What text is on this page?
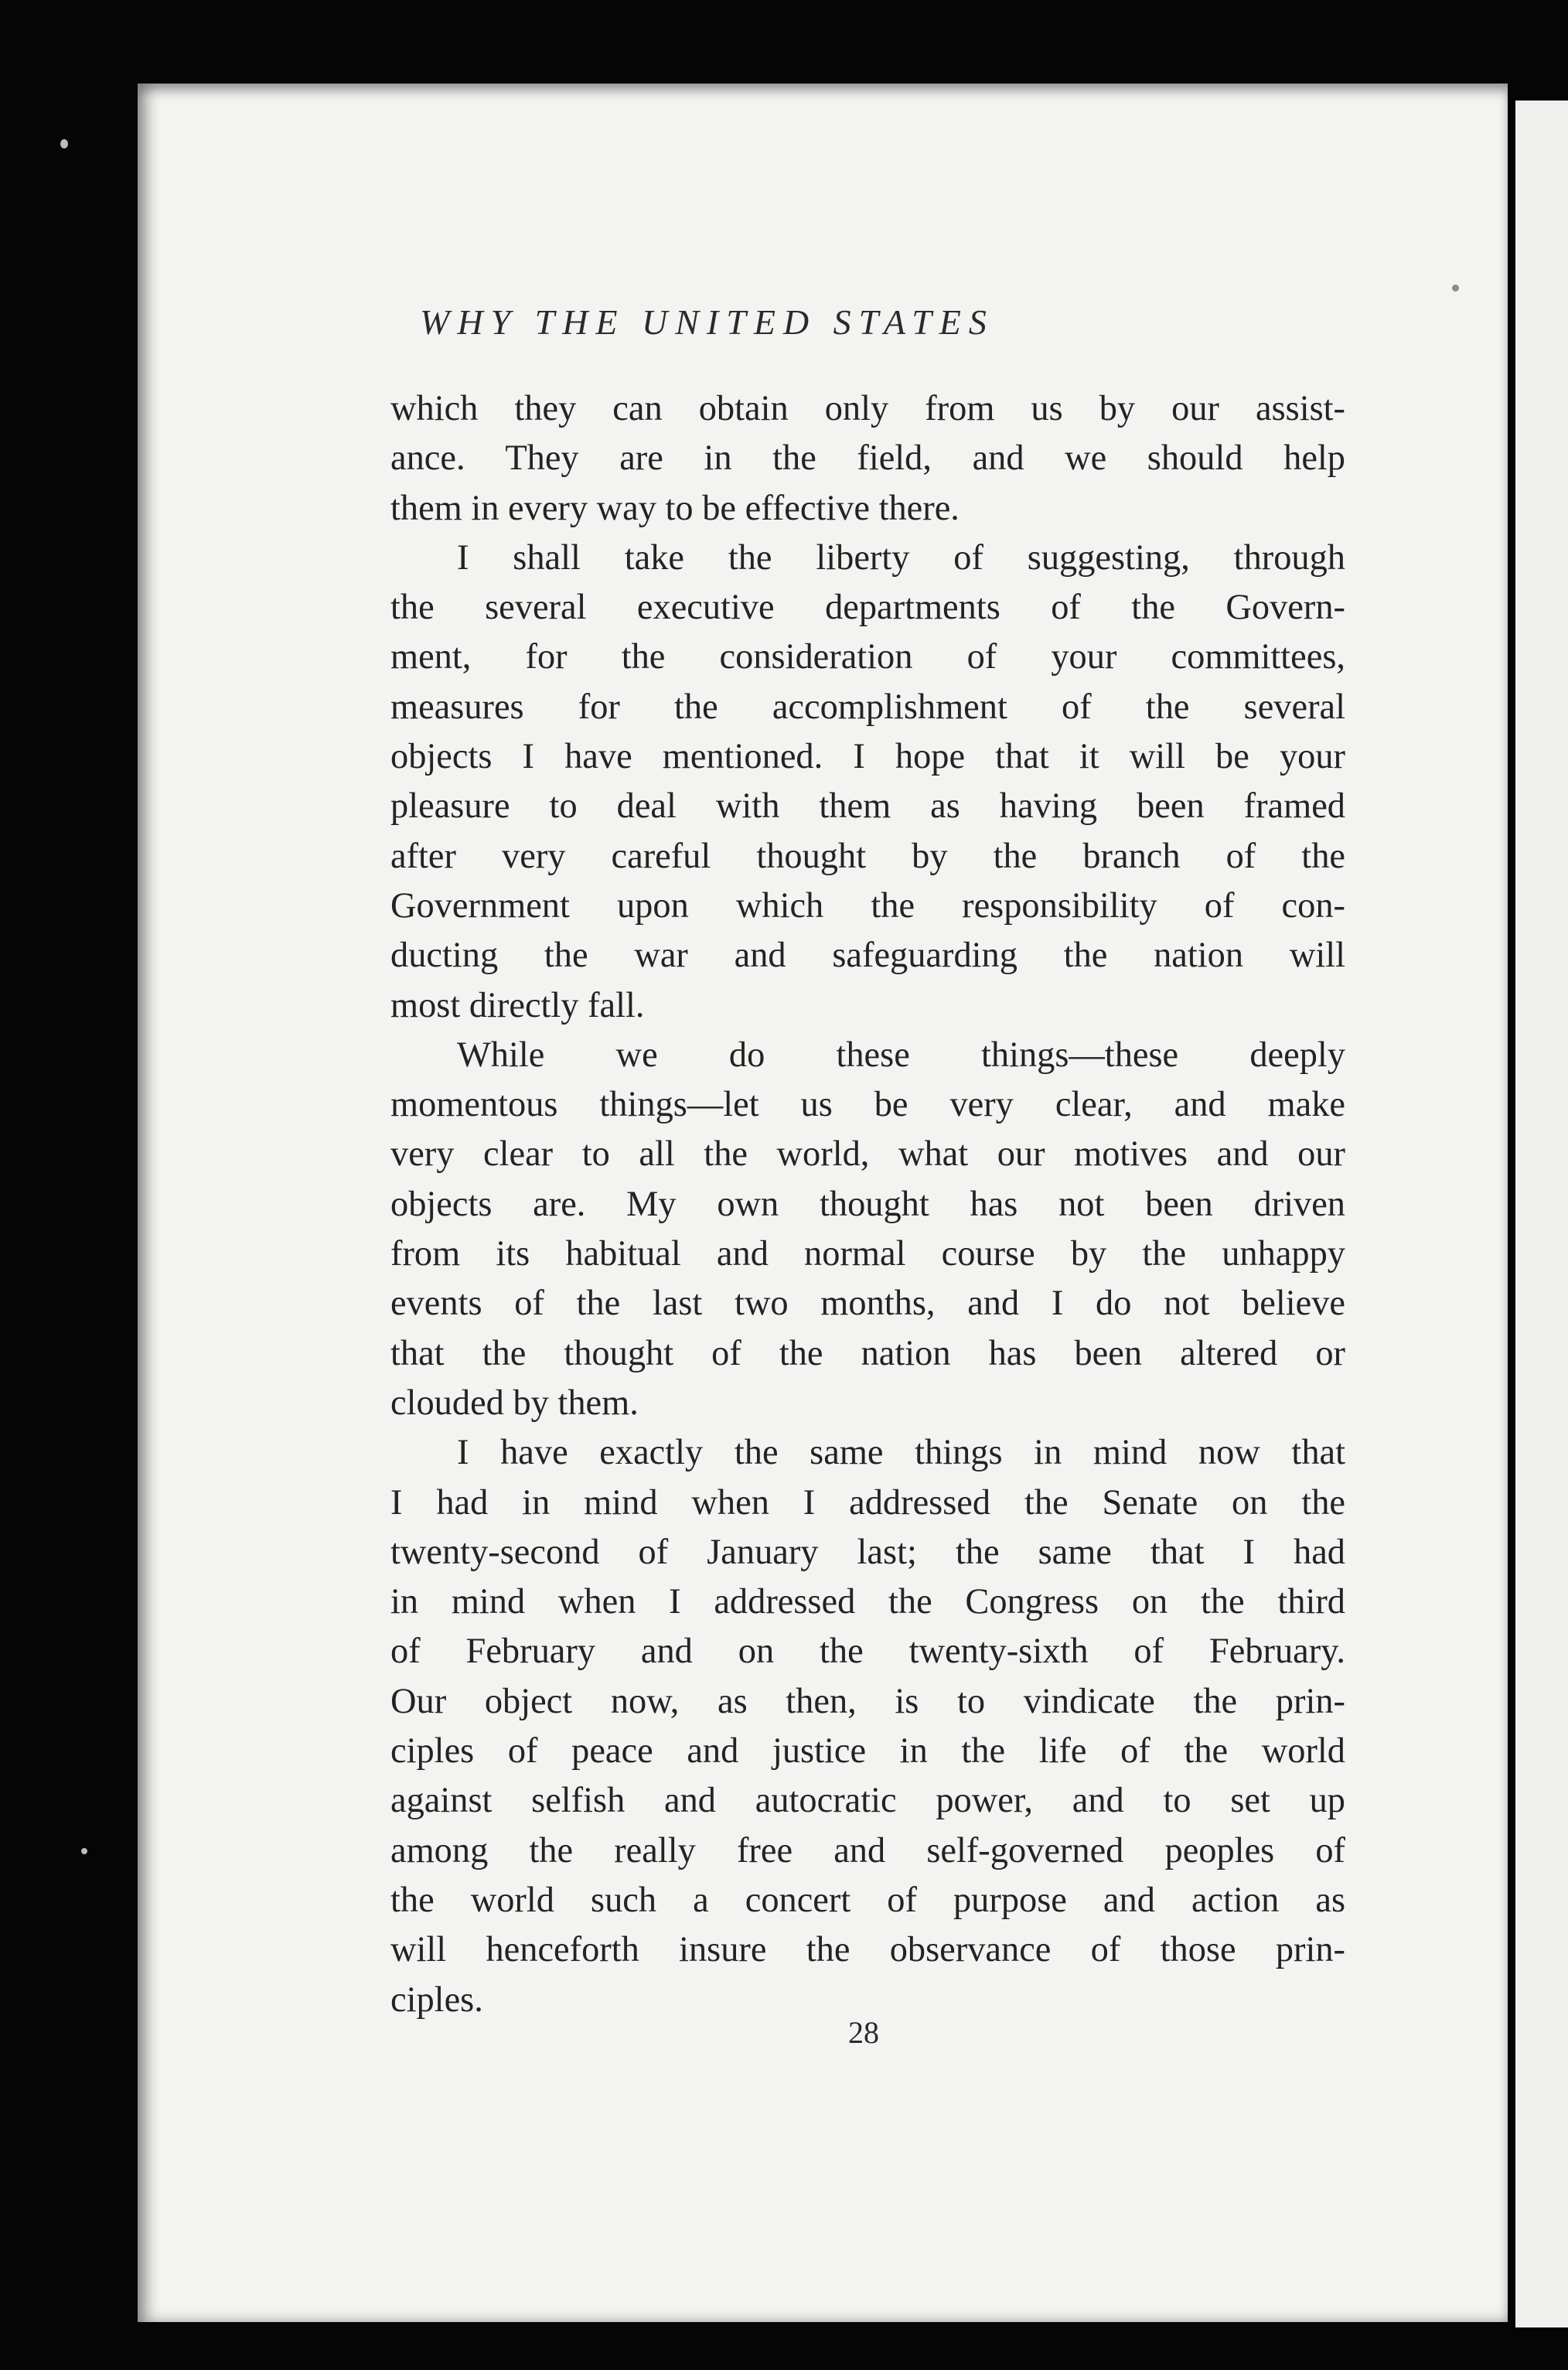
WHY THE UNITED STATES
which they can obtain only from us by our assist-
ance. They are in the field, and we should help
them in every way to be effective there.
I shall take the liberty of suggesting, through
the several executive departments of the Govern-
ment, for the consideration of your committees,
measures for the accomplishment of the several
objects I have mentioned. I hope that it will be your
pleasure to deal with them as having been framed
after very careful thought by the branch of the
Government upon which the responsibility of con-
ducting the war and safeguarding the nation will
most directly fall.
While we do these things—these deeply
momentous things—let us be very clear, and make
very clear to all the world, what our motives and our
objects are. My own thought has not been driven
from its habitual and normal course by the unhappy
events of the last two months, and I do not believe
that the thought of the nation has been altered or
clouded by them.
I have exactly the same things in mind now that
I had in mind when I addressed the Senate on the
twenty-second of January last; the same that I had
in mind when I addressed the Congress on the third
of February and on the twenty-sixth of February.
Our object now, as then, is to vindicate the prin-
ciples of peace and justice in the life of the world
against selfish and autocratic power, and to set up
among the really free and self-governed peoples of
the world such a concert of purpose and action as
will henceforth insure the observance of those prin-
ciples.
28
